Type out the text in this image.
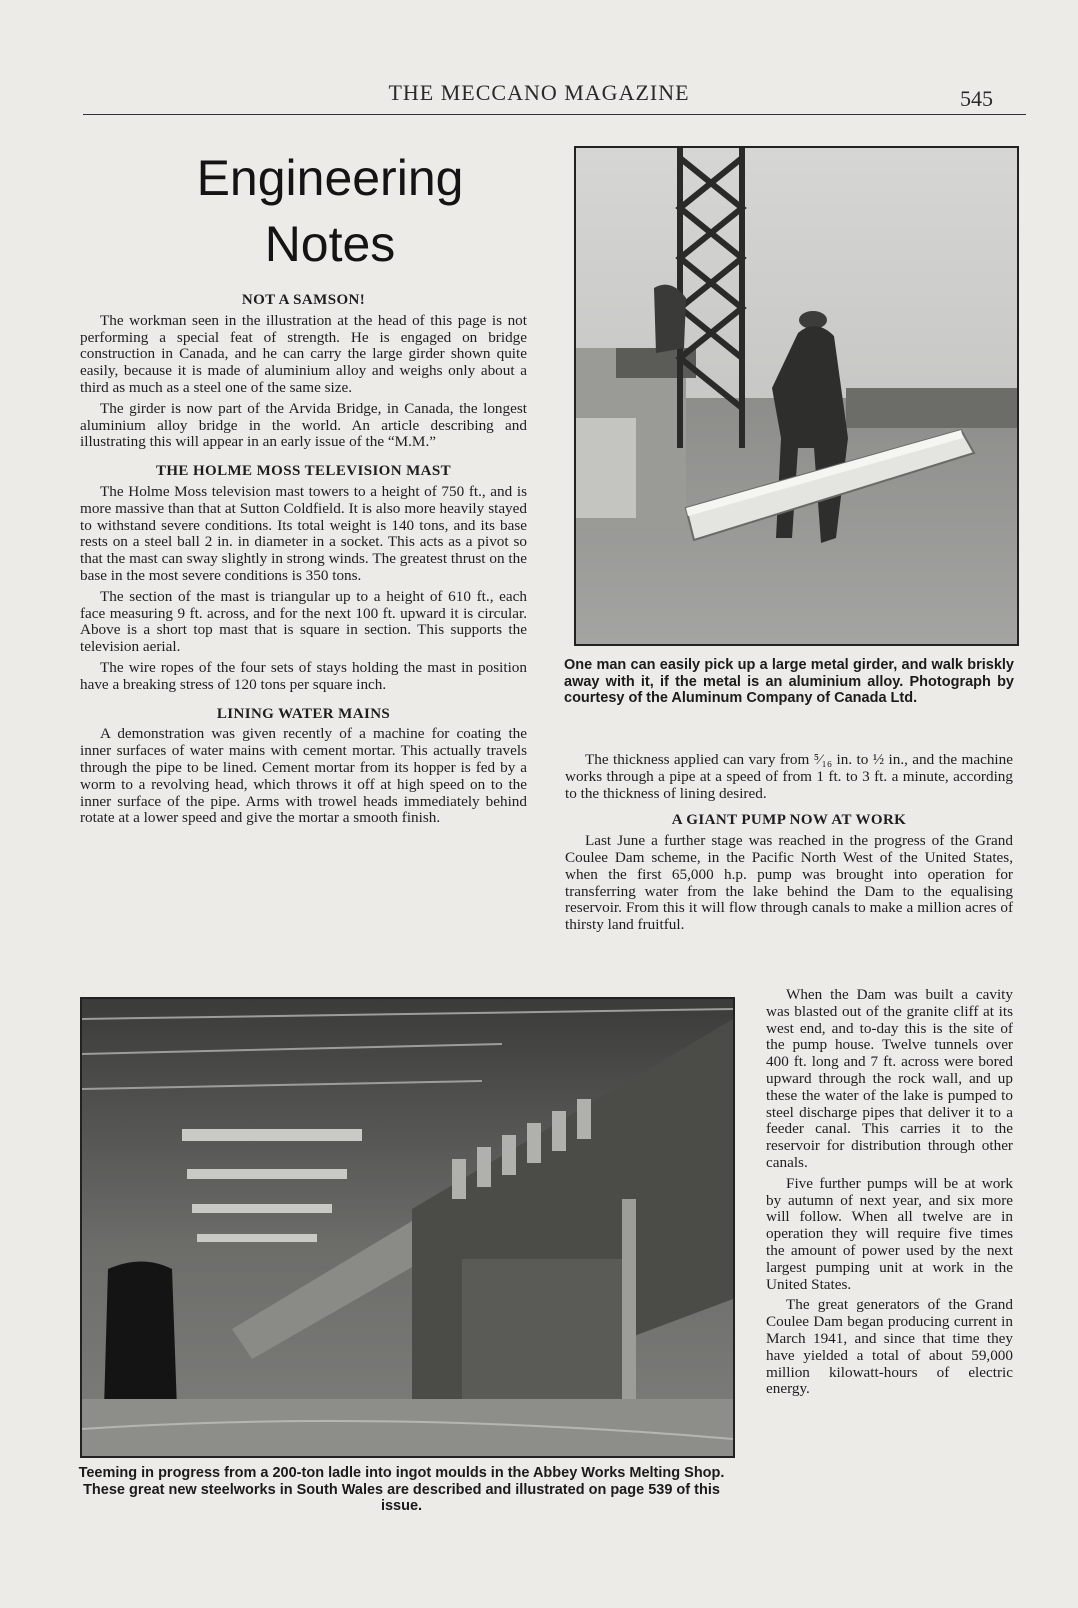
THE MECCANO MAGAZINE	545
Engineering
Notes
NOT A SAMSON!

The workman seen in the illustration at the head of this page is not performing a special feat of strength. He is engaged on bridge construction in Canada, and he can carry the large girder shown quite easily, because it is made of aluminium alloy and weighs only about a third as much as a steel one of the same size.

The girder is now part of the Arvida Bridge, in Canada, the longest aluminium alloy bridge in the world. An article describing and illustrating this will appear in an early issue of the “M.M.”

THE HOLME MOSS TELEVISION MAST

The Holme Moss television mast towers to a height of 750 ft., and is more massive than that at Sutton Coldfield. It is also more heavily stayed to withstand severe conditions. Its total weight is 140 tons, and its base rests on a steel ball 2 in. in diameter in a socket. This acts as a pivot so that the mast can sway slightly in strong winds. The greatest thrust on the base in the most severe conditions is 350 tons.

The section of the mast is triangular up to a height of 610 ft., each face measuring 9 ft. across, and for the next 100 ft. upward it is circular. Above is a short top mast that is square in section. This supports the television aerial.

The wire ropes of the four sets of stays holding the mast in position have a breaking stress of 120 tons per square inch.

LINING WATER MAINS

A demonstration was given recently of a machine for coating the inner surfaces of water mains with cement mortar. This actually travels through the pipe to be lined. Cement mortar from its hopper is fed by a worm to a revolving head, which throws it off at high speed on to the inner surface of the pipe. Arms with trowel heads immediately behind rotate at a lower speed and give the mortar a smooth finish.

One man can easily pick up a large metal girder, and walk briskly away with it, if the metal is an aluminium alloy. Photograph by courtesy of the Aluminum Company of Canada Ltd.

The thickness applied can vary from ⁵⁄₁₆ in. to ½ in., and the machine works through a pipe at a speed of from 1 ft. to 3 ft. a minute, according to the thickness of lining desired.

A GIANT PUMP NOW AT WORK

Last June a further stage was reached in the progress of the Grand Coulee Dam scheme, in the Pacific North West of the United States, when the first 65,000 h.p. pump was brought into operation for transferring water from the lake behind the Dam to the equalising reservoir. From this it will flow through canals to make a million acres of thirsty land fruitful.

Teeming in progress from a 200-ton ladle into ingot moulds in the Abbey Works Melting Shop. These great new steelworks in South Wales are described and illustrated on page 539 of this issue.

When the Dam was built a cavity was blasted out of the granite cliff at its west end, and to-day this is the site of the pump house. Twelve tunnels over 400 ft. long and 7 ft. across were bored upward through the rock wall, and up these the water of the lake is pumped to steel discharge pipes that deliver it to a feeder canal. This carries it to the reservoir for distribution through other canals.

Five further pumps will be at work by autumn of next year, and six more will follow. When all twelve are in operation they will require five times the amount of power used by the next largest pumping unit at work in the United States.

The great generators of the Grand Coulee Dam began producing current in March 1941, and since that time they have yielded a total of about 59,000 million kilowatt-hours of electric energy.
